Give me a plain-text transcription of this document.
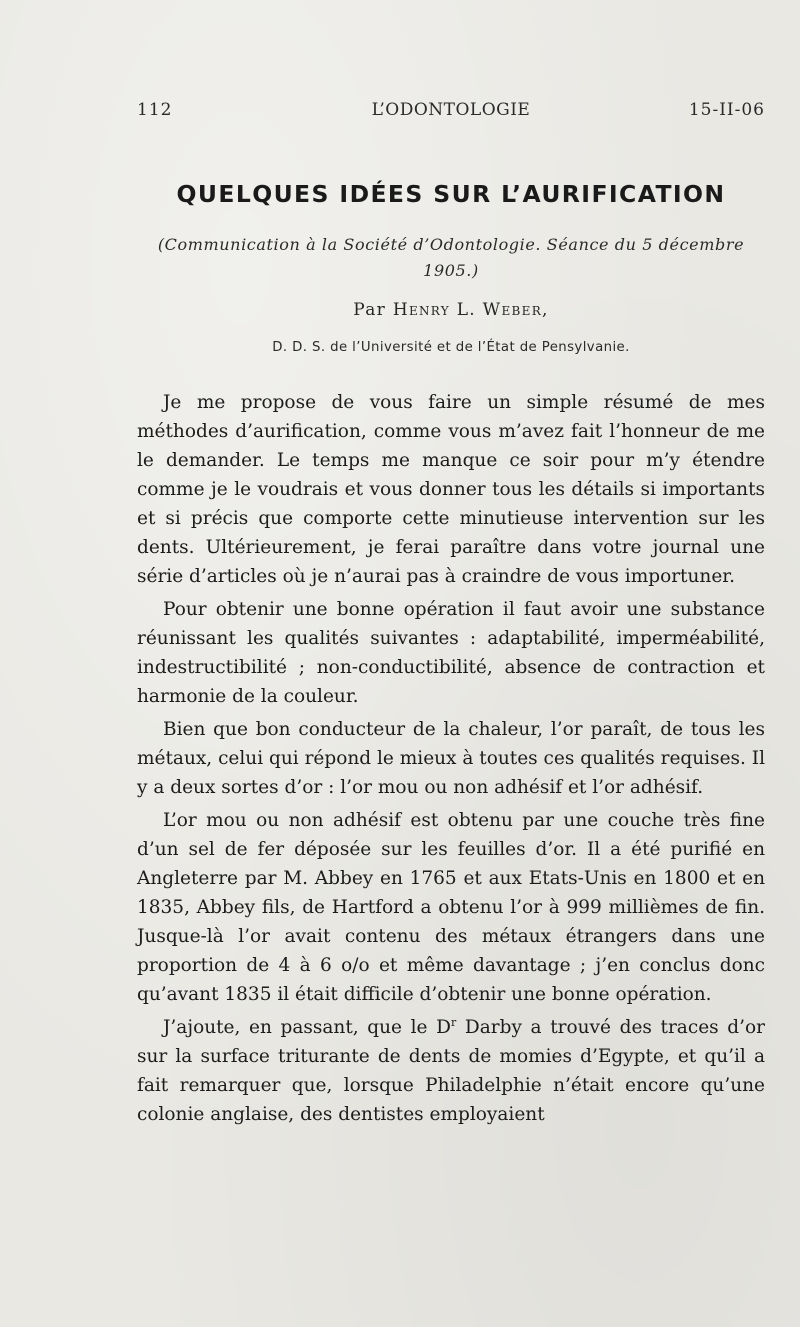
112	L’ODONTOLOGIE	15-II-06
QUELQUES IDÉES SUR L’AURIFICATION
(Communication à la Société d’Odontologie. Séance du 5 décembre 1905.)
Par Henry L. Weber,
D. D. S. de l’Université et de l’État de Pensylvanie.

Je me propose de vous faire un simple résumé de mes méthodes d’aurification, comme vous m’avez fait l’honneur de me le demander. Le temps me manque ce soir pour m’y étendre comme je le voudrais et vous donner tous les détails si importants et si précis que comporte cette minutieuse intervention sur les dents. Ultérieurement, je ferai paraître dans votre journal une série d’articles où je n’aurai pas à craindre de vous importuner.

Pour obtenir une bonne opération il faut avoir une substance réunissant les qualités suivantes : adaptabilité, imperméabilité, indestructibilité ; non-conductibilité, absence de contraction et harmonie de la couleur.

Bien que bon conducteur de la chaleur, l’or paraît, de tous les métaux, celui qui répond le mieux à toutes ces qualités requises. Il y a deux sortes d’or : l’or mou ou non adhésif et l’or adhésif.

L’or mou ou non adhésif est obtenu par une couche très fine d’un sel de fer déposée sur les feuilles d’or. Il a été purifié en Angleterre par M. Abbey en 1765 et aux Etats-Unis en 1800 et en 1835, Abbey fils, de Hartford a obtenu l’or à 999 millièmes de fin. Jusque-là l’or avait contenu des métaux étrangers dans une proportion de 4 à 6 o/o et même davantage ; j’en conclus donc qu’avant 1835 il était difficile d’obtenir une bonne opération.

J’ajoute, en passant, que le $D^r$ Darby a trouvé des traces d’or sur la surface triturante de dents de momies d’Egypte, et qu’il a fait remarquer que, lorsque Philadelphie n’était encore qu’une colonie anglaise, des dentistes employaient
